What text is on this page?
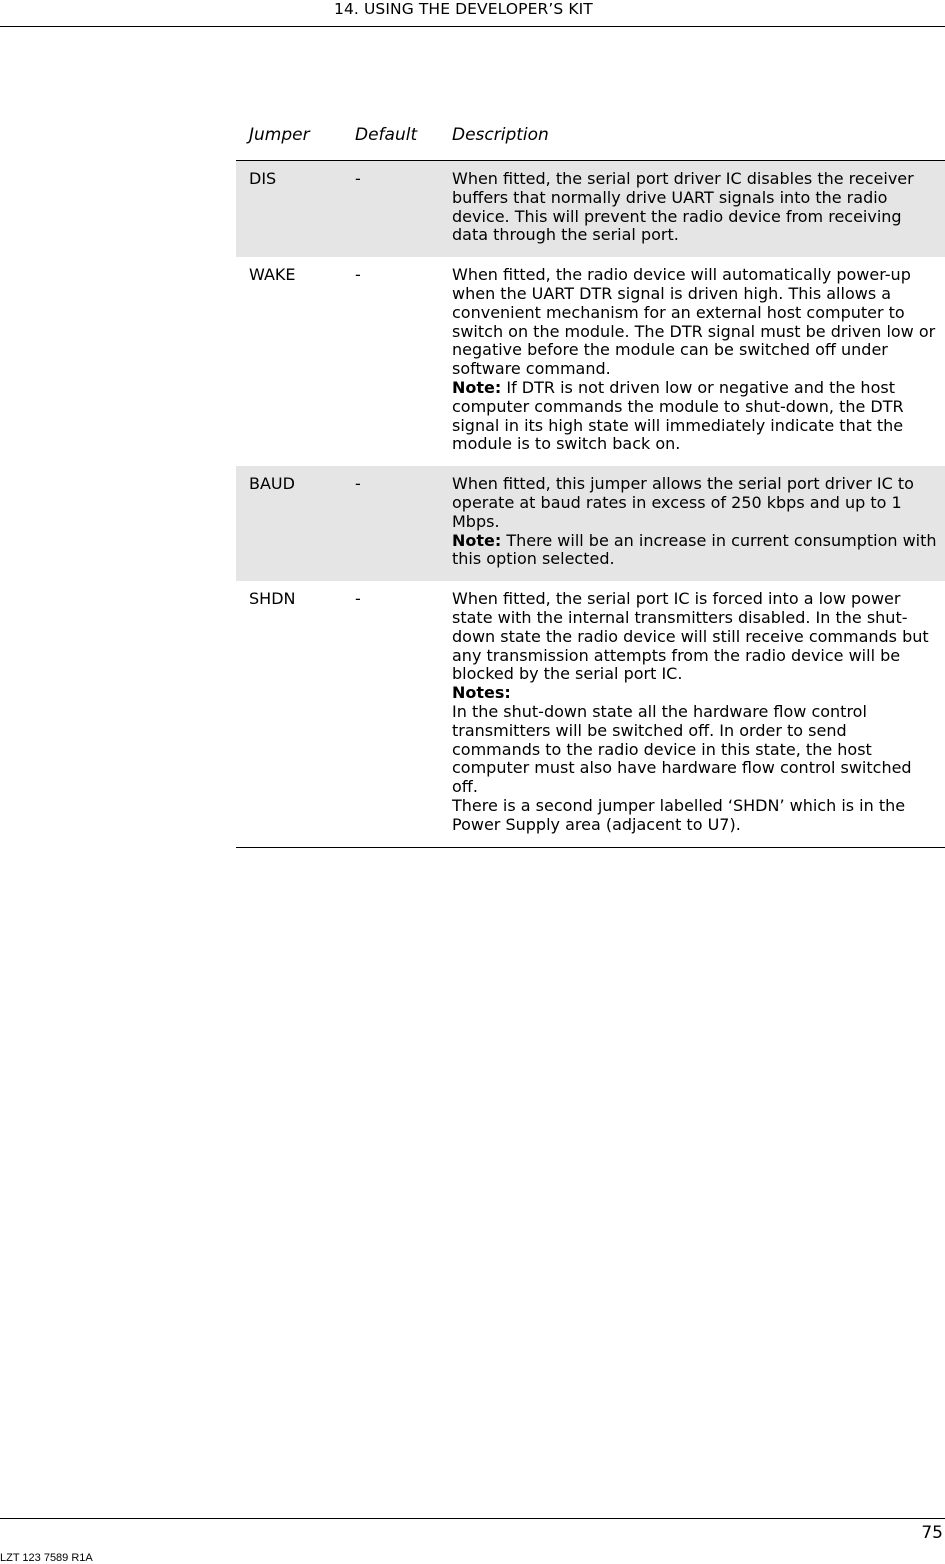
14. USING THE DEVELOPER’S KIT
Jumper	Default	Description
DIS	-	When fitted, the serial port driver IC disables the receiver buffers that normally drive UART signals into the radio device. This will prevent the radio device from receiving data through the serial port.

WAKE	-	When fitted, the radio device will automatically power-up when the UART DTR signal is driven high. This allows a convenient mechanism for an external host computer to switch on the module. The DTR signal must be driven low or negative before the module can be switched off under software command.
Note: If DTR is not driven low or negative and the host computer commands the module to shut-down, the DTR signal in its high state will immediately indicate that the module is to switch back on.

BAUD	-	When fitted, this jumper allows the serial port driver IC to operate at baud rates in excess of 250 kbps and up to 1 Mbps.
Note: There will be an increase in current consumption with this option selected.

SHDN	-	When fitted, the serial port IC is forced into a low power state with the internal transmitters disabled. In the shut-down state the radio device will still receive commands but any transmission attempts from the radio device will be blocked by the serial port IC.
Notes:
In the shut-down state all the hardware flow control transmitters will be switched off. In order to send commands to the radio device in this state, the host computer must also have hardware flow control switched off.
There is a second jumper labelled ‘SHDN’ which is in the Power Supply area (adjacent to U7).
LZT 123 7589 R1A
75
